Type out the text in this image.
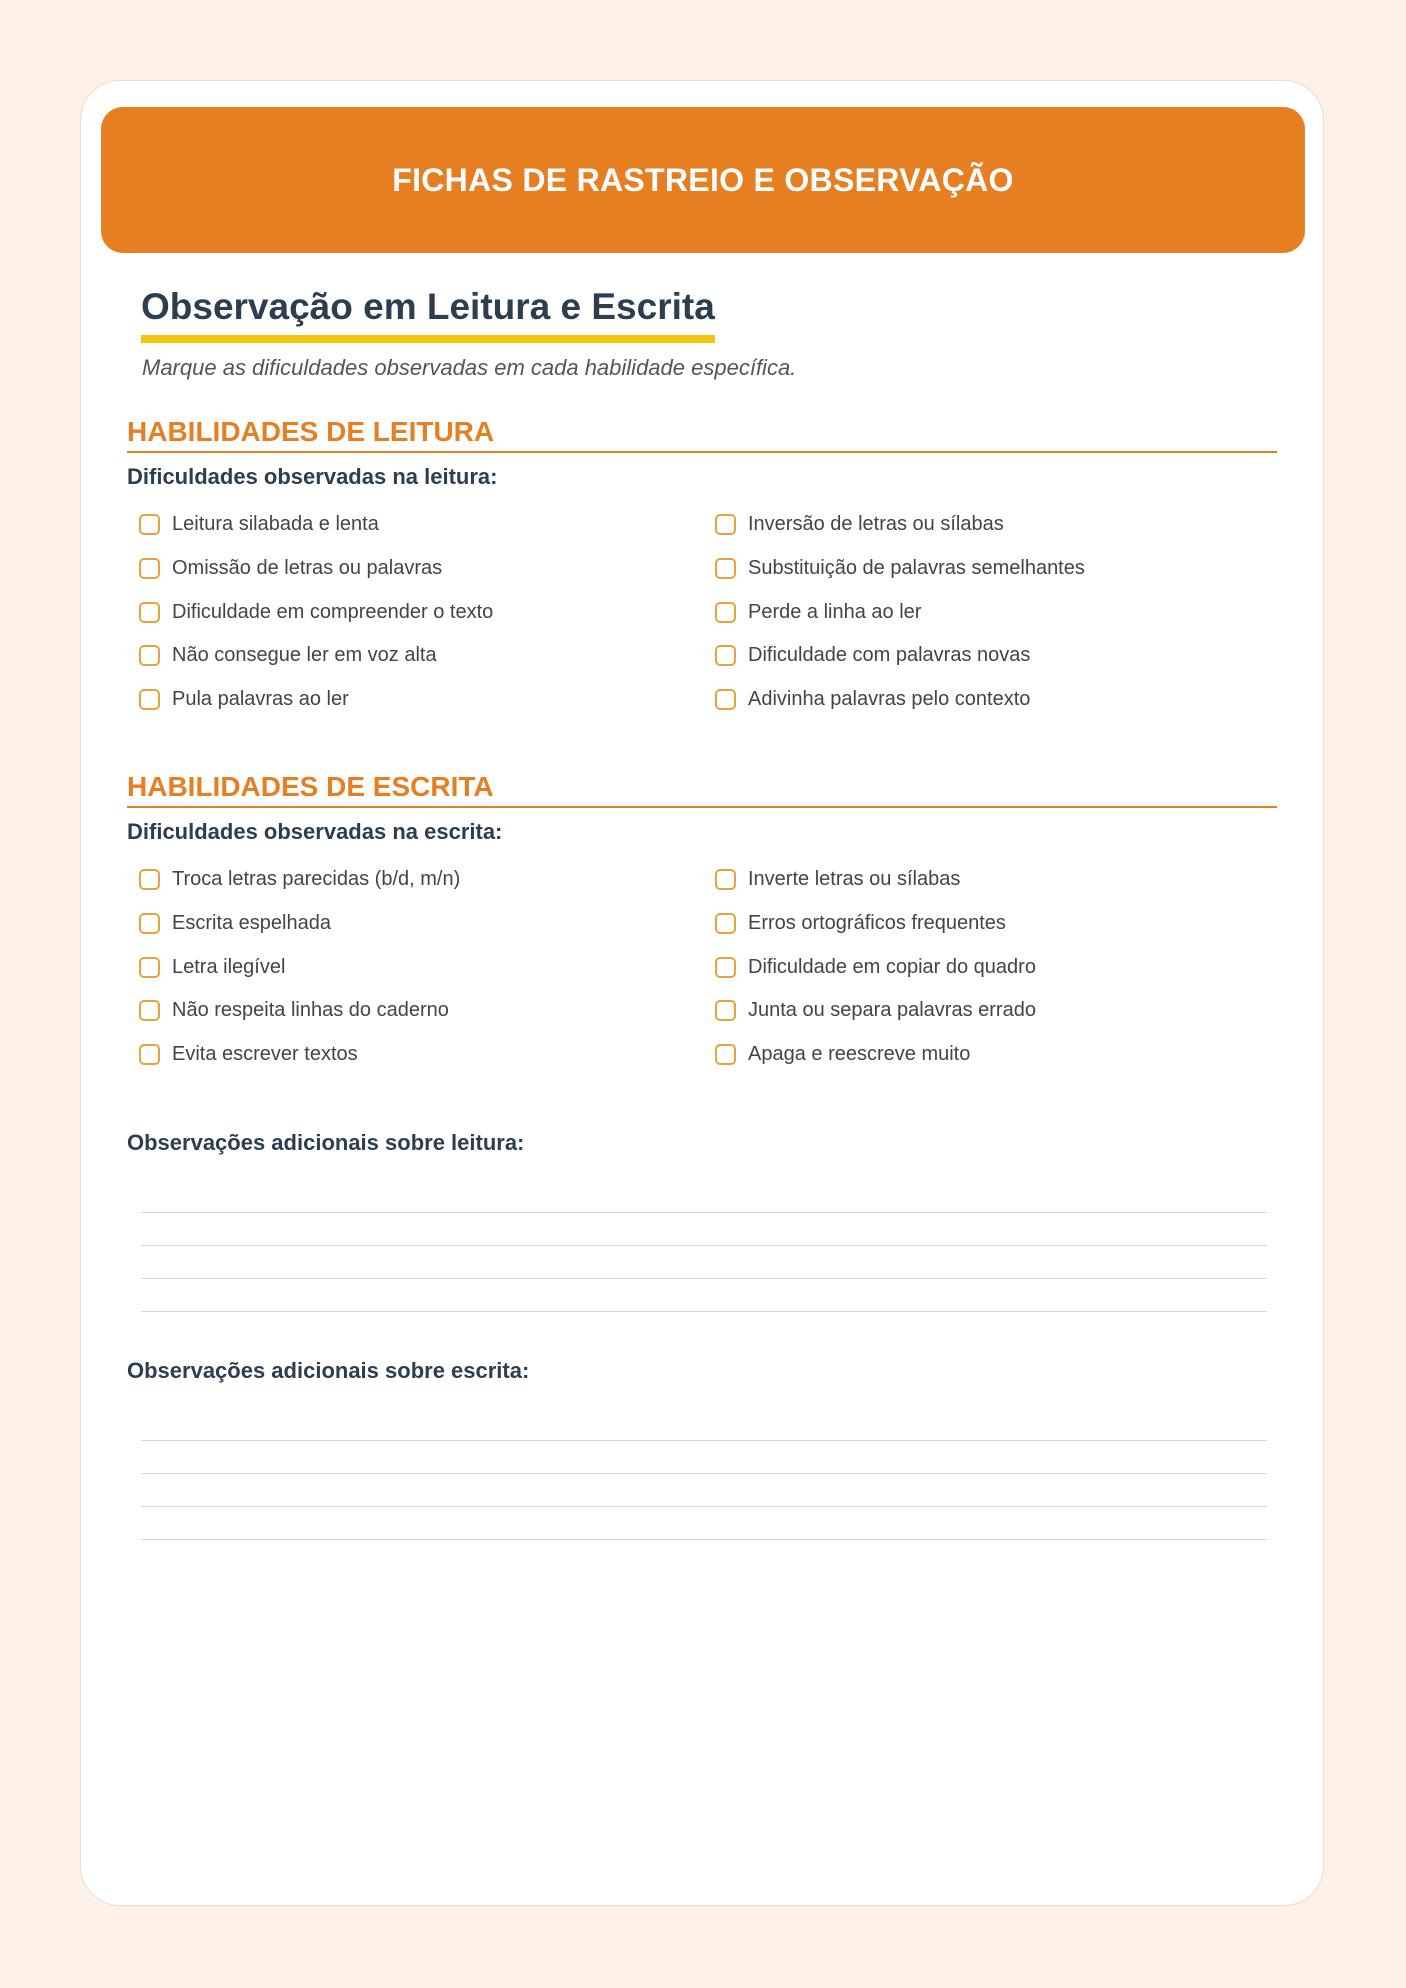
FICHAS DE RASTREIO E OBSERVAÇÃO
Observação em Leitura e Escrita

Marque as dificuldades observadas em cada habilidade específica.

HABILIDADES DE LEITURA
Dificuldades observadas na leitura:
Leitura silabada e lenta	Inversão de letras ou sílabas
Omissão de letras ou palavras	Substituição de palavras semelhantes
Dificuldade em compreender o texto	Perde a linha ao ler
Não consegue ler em voz alta	Dificuldade com palavras novas
Pula palavras ao ler	Adivinha palavras pelo contexto
HABILIDADES DE ESCRITA
Dificuldades observadas na escrita:
Troca letras parecidas (b/d, m/n)	Inverte letras ou sílabas
Escrita espelhada	Erros ortográficos frequentes
Letra ilegível	Dificuldade em copiar do quadro
Não respeita linhas do caderno	Junta ou separa palavras errado
Evita escrever textos	Apaga e reescreve muito
Observações adicionais sobre leitura:
Observações adicionais sobre escrita:
